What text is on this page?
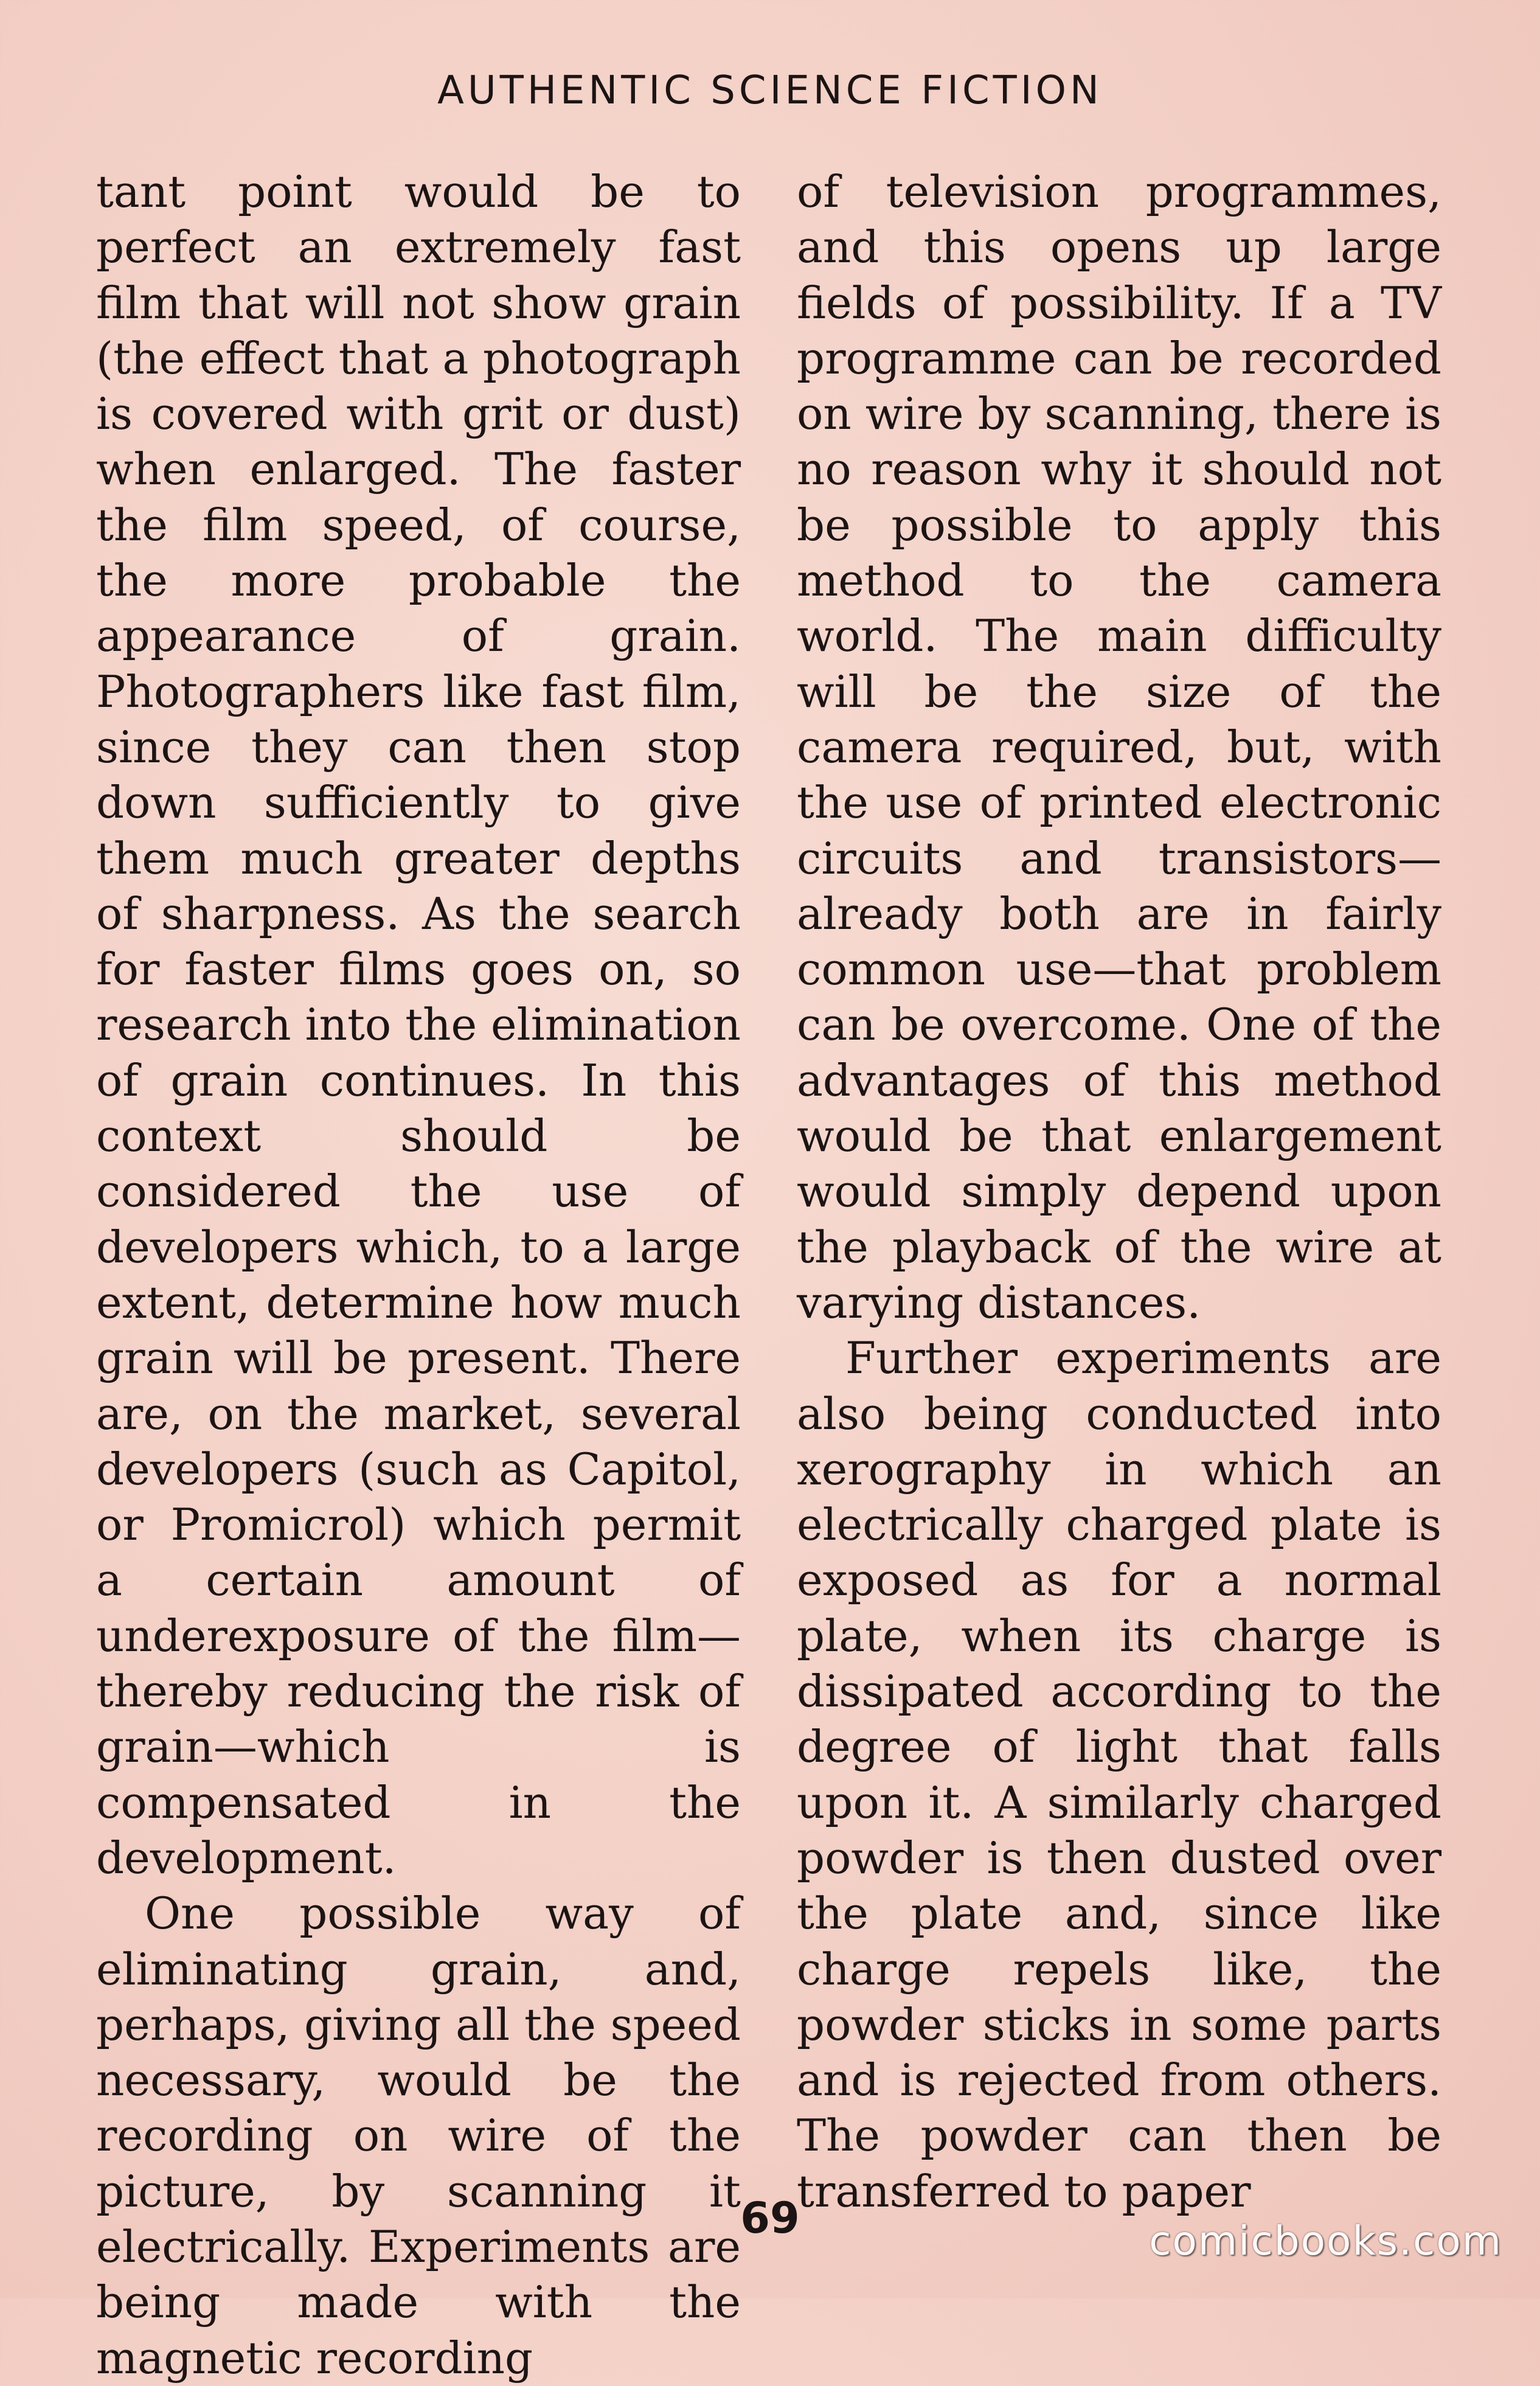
AUTHENTIC SCIENCE FICTION

tant point would be to perfect an extremely fast film that will not show grain (the effect that a photograph is covered with grit or dust) when enlarged. The faster the film speed, of course, the more probable the appearance of grain. Photographers like fast film, since they can then stop down sufficiently to give them much greater depths of sharpness. As the search for faster films goes on, so research into the elimination of grain continues. In this context should be considered the use of developers which, to a large extent, determine how much grain will be present. There are, on the market, several developers (such as Capitol, or Promicrol) which permit a certain amount of underexposure of the film—thereby reducing the risk of grain—which is compensated in the development.

One possible way of eliminating grain, and, perhaps, giving all the speed necessary, would be the recording on wire of the picture, by scanning it electrically. Experiments are being made with the magnetic recording

of television programmes, and this opens up large fields of possibility. If a TV programme can be recorded on wire by scanning, there is no reason why it should not be possible to apply this method to the camera world. The main difficulty will be the size of the camera required, but, with the use of printed electronic circuits and transistors—already both are in fairly common use—that problem can be overcome. One of the advantages of this method would be that enlargement would simply depend upon the playback of the wire at varying distances.

Further experiments are also being conducted into xerography in which an electrically charged plate is exposed as for a normal plate, when its charge is dissipated according to the degree of light that falls upon it. A similarly charged powder is then dusted over the plate and, since like charge repels like, the powder sticks in some parts and is rejected from others. The powder can then be transferred to paper

69	comicbooks.com
